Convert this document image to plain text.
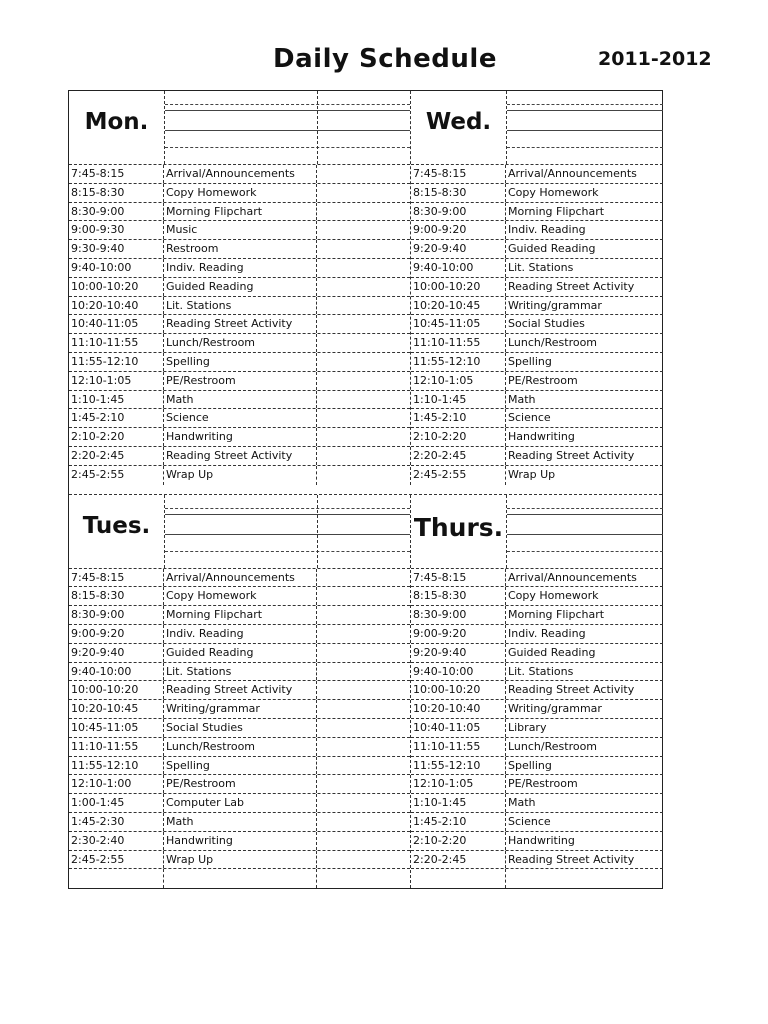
Daily Schedule	2011-2012
Mon.
7:45-8:15	Arrival/Announcements
8:15-8:30	Copy Homework
8:30-9:00	Morning Flipchart
9:00-9:30	Music
9:30-9:40	Restroom
9:40-10:00	Indiv. Reading
10:00-10:20	Guided Reading
10:20-10:40	Lit. Stations
10:40-11:05	Reading Street Activity
11:10-11:55	Lunch/Restroom
11:55-12:10	Spelling
12:10-1:05	PE/Restroom
1:10-1:45	Math
1:45-2:10	Science
2:10-2:20	Handwriting
2:20-2:45	Reading Street Activity
2:45-2:55	Wrap Up
Wed.
7:45-8:15	Arrival/Announcements
8:15-8:30	Copy Homework
8:30-9:00	Morning Flipchart
9:00-9:20	Indiv. Reading
9:20-9:40	Guided Reading
9:40-10:00	Lit. Stations
10:00-10:20	Reading Street Activity
10:20-10:45	Writing/grammar
10:45-11:05	Social Studies
11:10-11:55	Lunch/Restroom
11:55-12:10	Spelling
12:10-1:05	PE/Restroom
1:10-1:45	Math
1:45-2:10	Science
2:10-2:20	Handwriting
2:20-2:45	Reading Street Activity
2:45-2:55	Wrap Up
Tues.
7:45-8:15	Arrival/Announcements
8:15-8:30	Copy Homework
8:30-9:00	Morning Flipchart
9:00-9:20	Indiv. Reading
9:20-9:40	Guided Reading
9:40-10:00	Lit. Stations
10:00-10:20	Reading Street Activity
10:20-10:45	Writing/grammar
10:45-11:05	Social Studies
11:10-11:55	Lunch/Restroom
11:55-12:10	Spelling
12:10-1:00	PE/Restroom
1:00-1:45	Computer Lab
1:45-2:30	Math
2:30-2:40	Handwriting
2:45-2:55	Wrap Up
Thurs.
7:45-8:15	Arrival/Announcements
8:15-8:30	Copy Homework
8:30-9:00	Morning Flipchart
9:00-9:20	Indiv. Reading
9:20-9:40	Guided Reading
9:40-10:00	Lit. Stations
10:00-10:20	Reading Street Activity
10:20-10:40	Writing/grammar
10:40-11:05	Library
11:10-11:55	Lunch/Restroom
11:55-12:10	Spelling
12:10-1:05	PE/Restroom
1:10-1:45	Math
1:45-2:10	Science
2:10-2:20	Handwriting
2:20-2:45	Reading Street Activity
